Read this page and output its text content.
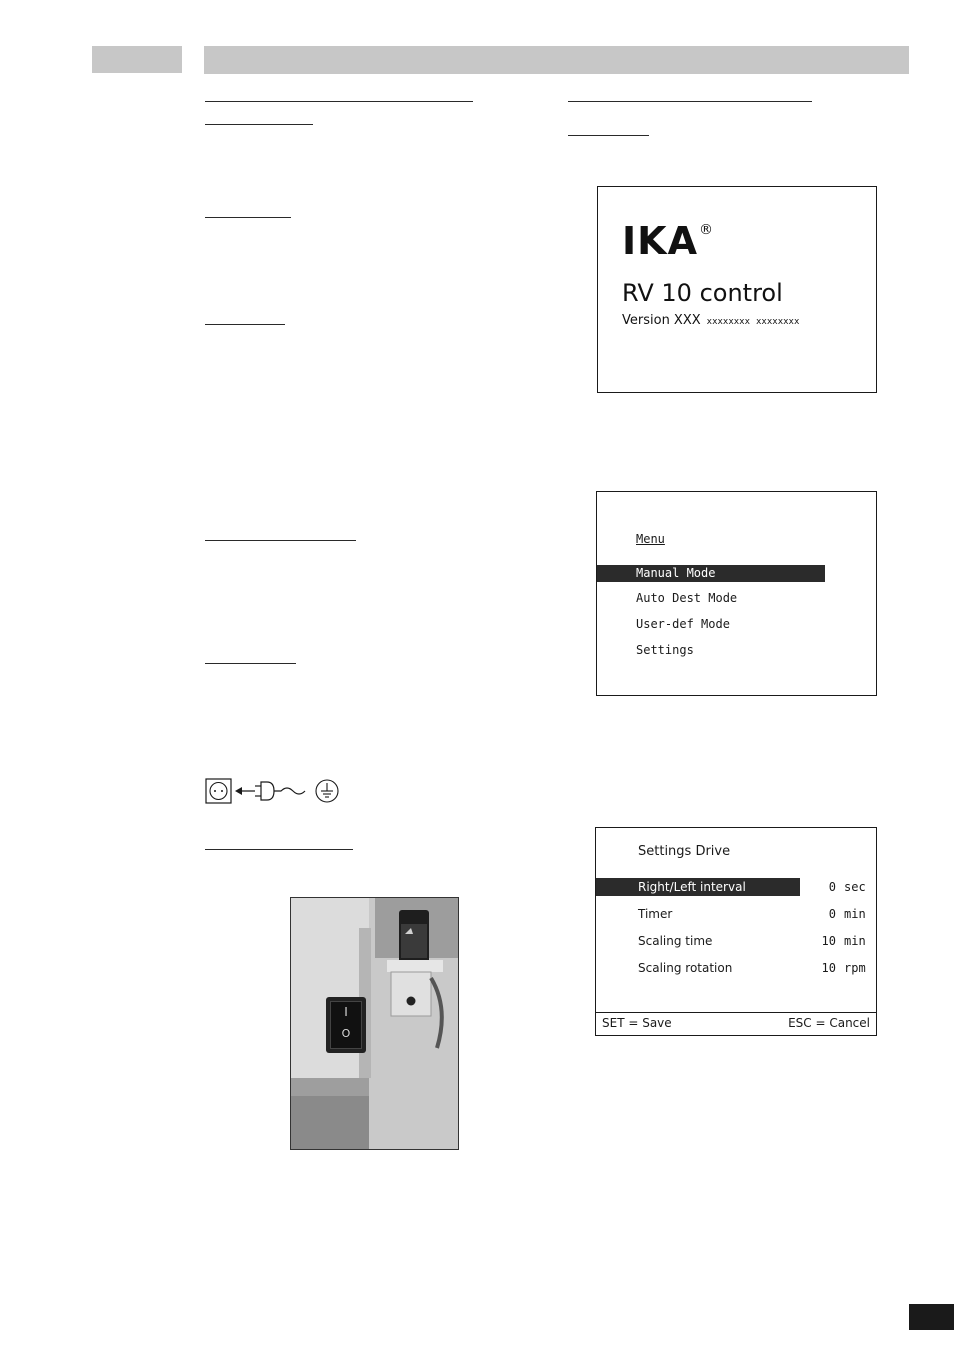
IKA®
RV 10 control
Version XXX xxxxxxxx xxxxxxxx
Menu
Manual Mode
Auto Dest Mode
User-def Mode
Settings
Settings Drive
Right/Left interval	0 sec
Timer	0 min
Scaling time	10 min
Scaling rotation	10 rpm
SET = Save	ESC = Cancel
I
O
